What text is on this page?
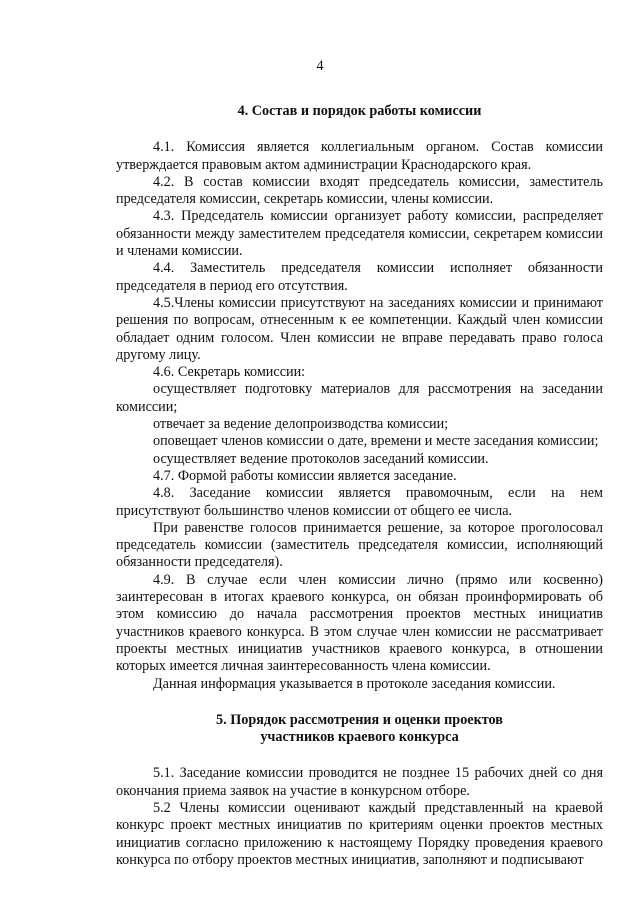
4

4. Состав и порядок работы комиссии

4.1. Комиссия является коллегиальным органом. Состав комиссии утверждается правовым актом администрации Краснодарского края.

4.2. В состав комиссии входят председатель комиссии, заместитель председателя комиссии, секретарь комиссии, члены комиссии.

4.3. Председатель комиссии организует работу комиссии, распределяет обязанности между заместителем председателя комиссии, секретарем комиссии и членами комиссии.

4.4. Заместитель председателя комиссии исполняет обязанности председателя в период его отсутствия.

4.5.Члены комиссии присутствуют на заседаниях комиссии и принимают решения по вопросам, отнесенным к ее компетенции. Каждый член комиссии обладает одним голосом. Член комиссии не вправе передавать право голоса другому лицу.

4.6. Секретарь комиссии:

осуществляет подготовку материалов для рассмотрения на заседании комиссии;

отвечает за ведение делопроизводства комиссии;

оповещает членов комиссии о дате, времени и месте заседания комиссии;

осуществляет ведение протоколов заседаний комиссии.

4.7. Формой работы комиссии является заседание.

4.8. Заседание комиссии является правомочным, если на нем присутствуют большинство членов комиссии от общего ее числа.

При равенстве голосов принимается решение, за которое проголосовал председатель комиссии (заместитель председателя комиссии, исполняющий обязанности председателя).

4.9. В случае если член комиссии лично (прямо или косвенно) заинтересован в итогах краевого конкурса, он обязан проинформировать об этом комиссию до начала рассмотрения проектов местных инициатив участников краевого конкурса. В этом случае член комиссии не рассматривает проекты местных инициатив участников краевого конкурса, в отношении которых имеется личная заинтересованность члена комиссии.

Данная информация указывается в протоколе заседания комиссии.

5. Порядок рассмотрения и оценки проектов
участников краевого конкурса

5.1. Заседание комиссии проводится не позднее 15 рабочих дней со дня окончания приема заявок на участие в конкурсном отборе.

5.2 Члены комиссии оценивают каждый представленный на краевой конкурс проект местных инициатив по критериям оценки проектов местных инициатив согласно приложению к настоящему Порядку проведения краевого конкурса по отбору проектов местных инициатив, заполняют и подписывают
